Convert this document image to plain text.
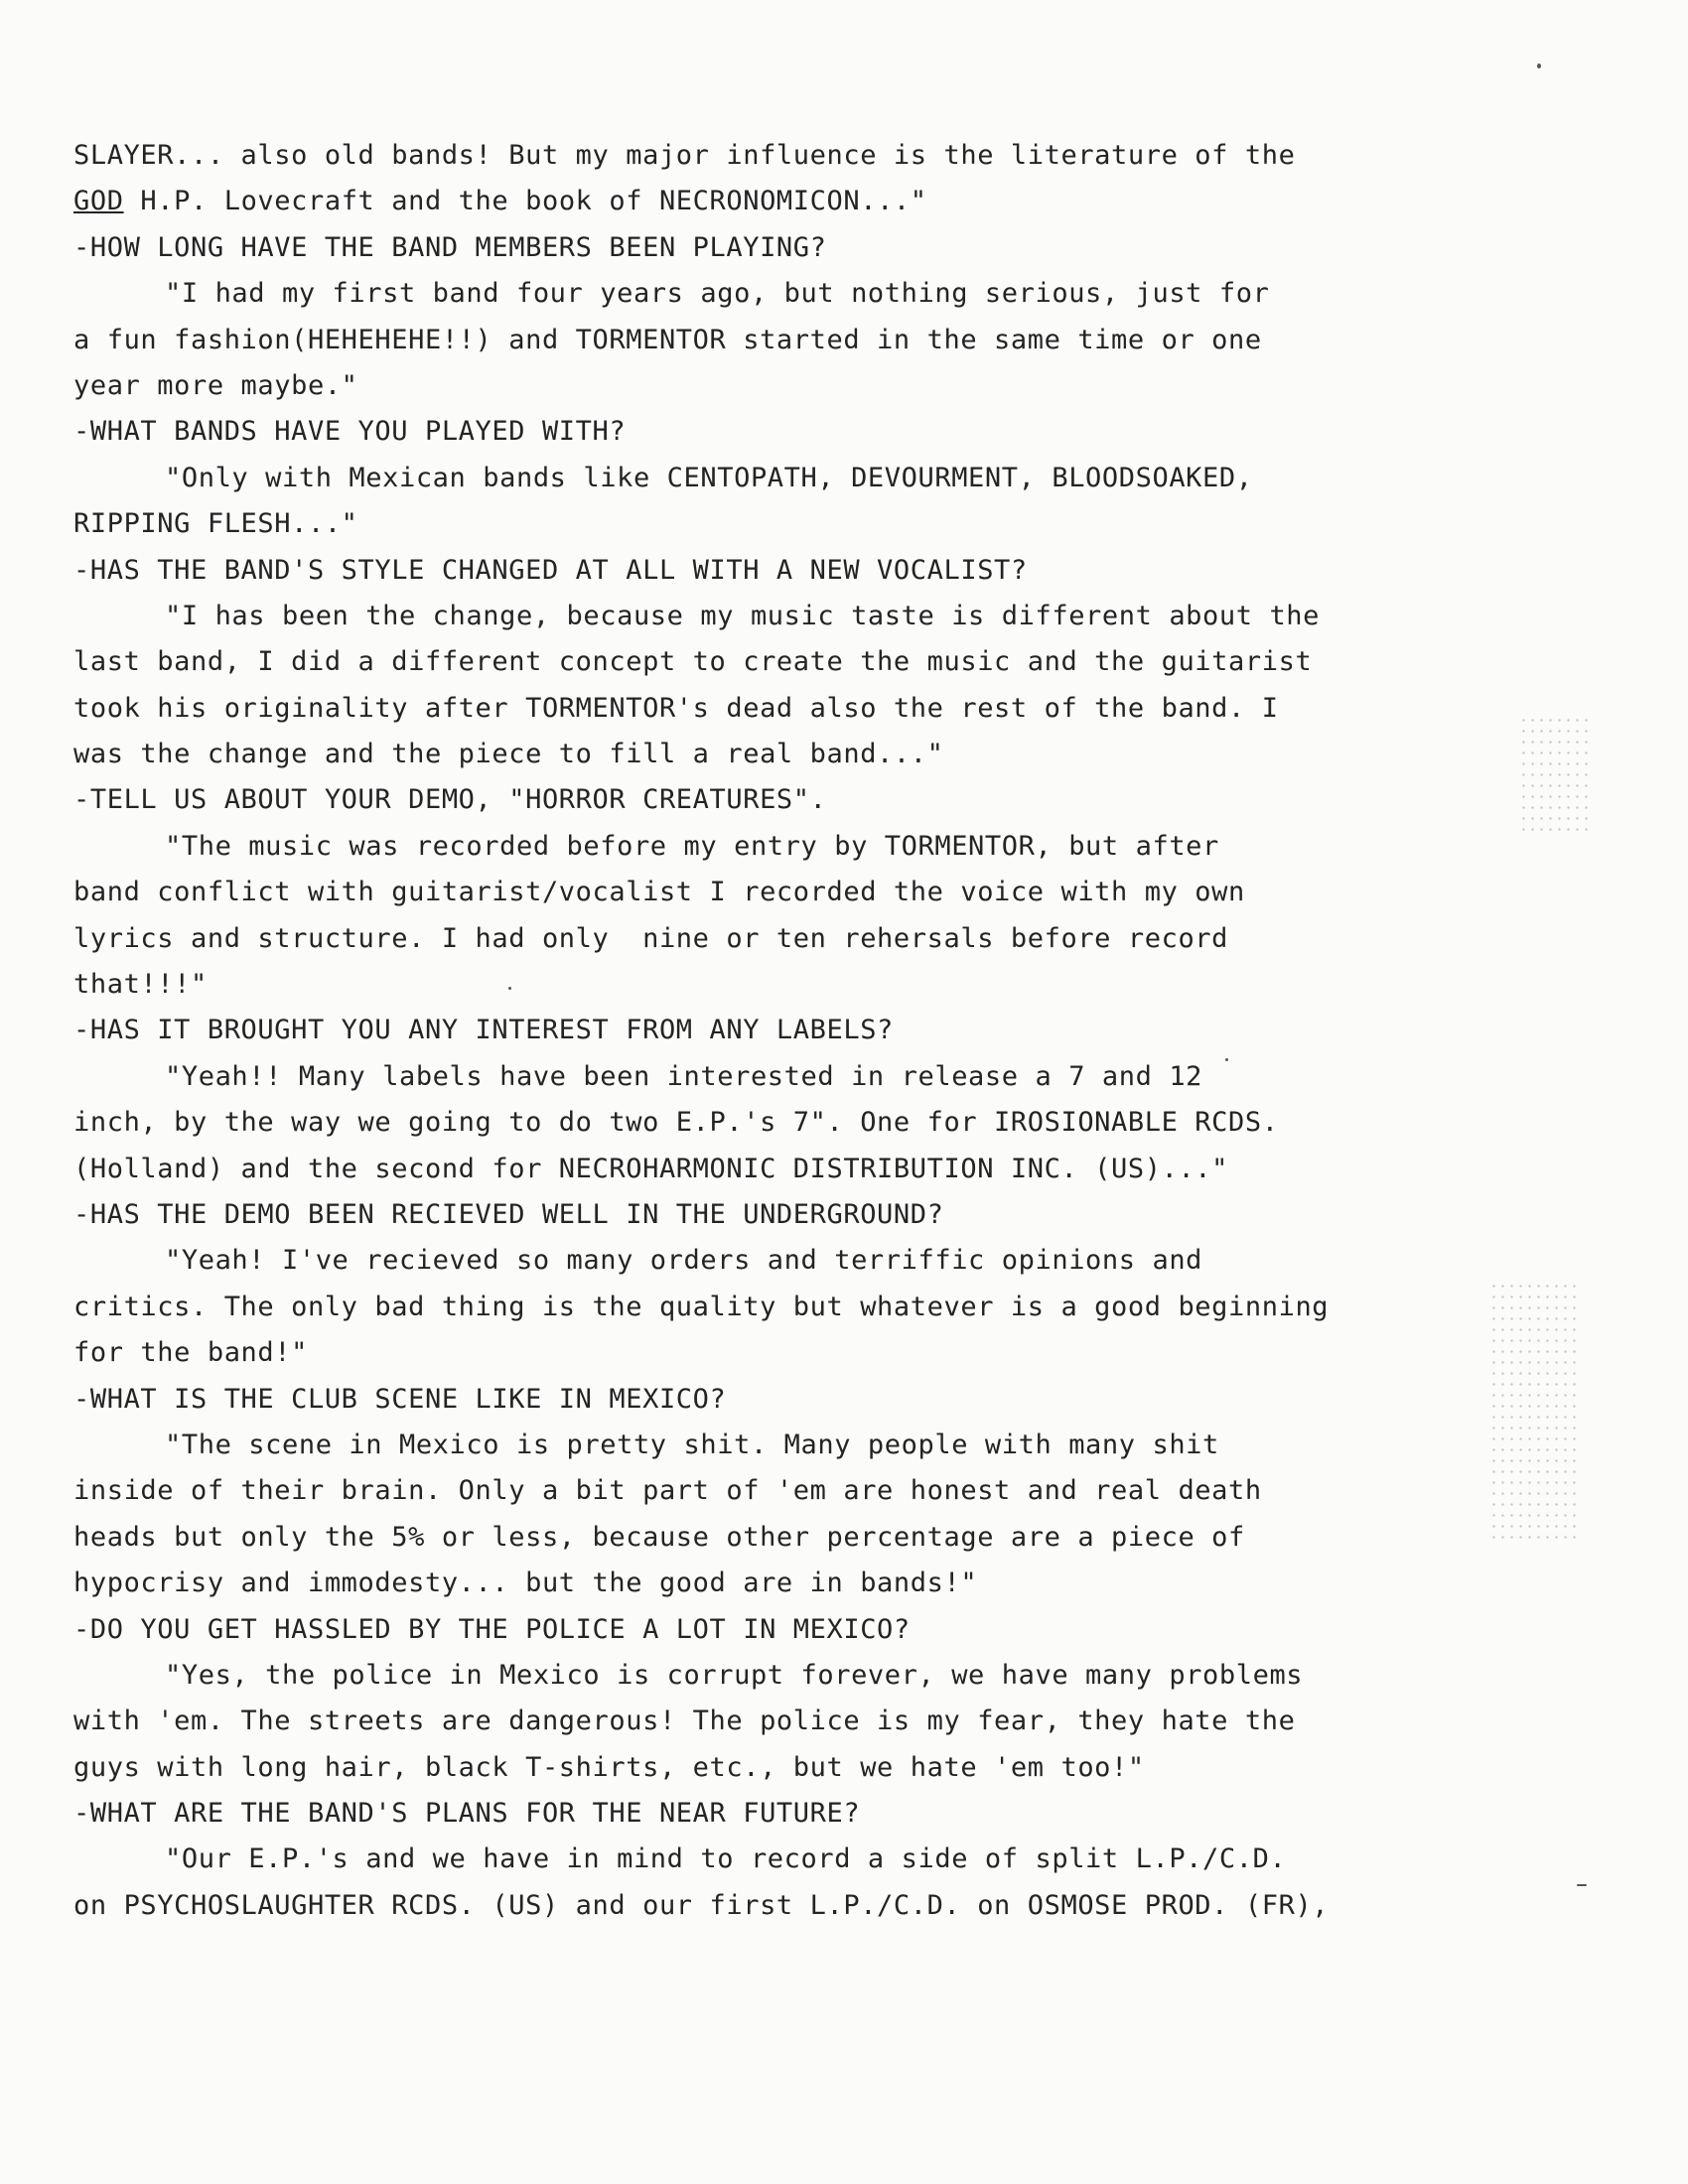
SLAYER... also old bands! But my major influence is the literature of the
GOD H.P. Lovecraft and the book of NECRONOMICON..."
-HOW LONG HAVE THE BAND MEMBERS BEEN PLAYING?
"I had my first band four years ago, but nothing serious, just for
a fun fashion(HEHEHEHE!!) and TORMENTOR started in the same time or one
year more maybe."
-WHAT BANDS HAVE YOU PLAYED WITH?
"Only with Mexican bands like CENTOPATH, DEVOURMENT, BLOODSOAKED,
RIPPING FLESH..."
-HAS THE BAND'S STYLE CHANGED AT ALL WITH A NEW VOCALIST?
"I has been the change, because my music taste is different about the
last band, I did a different concept to create the music and the guitarist
took his originality after TORMENTOR's dead also the rest of the band. I
was the change and the piece to fill a real band..."
-TELL US ABOUT YOUR DEMO, "HORROR CREATURES".
"The music was recorded before my entry by TORMENTOR, but after
band conflict with guitarist/vocalist I recorded the voice with my own
lyrics and structure. I had only  nine or ten rehersals before record
that!!!"
-HAS IT BROUGHT YOU ANY INTEREST FROM ANY LABELS?
"Yeah!! Many labels have been interested in release a 7 and 12
inch, by the way we going to do two E.P.'s 7". One for IROSIONABLE RCDS.
(Holland) and the second for NECROHARMONIC DISTRIBUTION INC. (US)..."
-HAS THE DEMO BEEN RECIEVED WELL IN THE UNDERGROUND?
"Yeah! I've recieved so many orders and terriffic opinions and
critics. The only bad thing is the quality but whatever is a good beginning
for the band!"
-WHAT IS THE CLUB SCENE LIKE IN MEXICO?
"The scene in Mexico is pretty shit. Many people with many shit
inside of their brain. Only a bit part of 'em are honest and real death
heads but only the 5% or less, because other percentage are a piece of
hypocrisy and immodesty... but the good are in bands!"
-DO YOU GET HASSLED BY THE POLICE A LOT IN MEXICO?
"Yes, the police in Mexico is corrupt forever, we have many problems
with 'em. The streets are dangerous! The police is my fear, they hate the
guys with long hair, black T-shirts, etc., but we hate 'em too!"
-WHAT ARE THE BAND'S PLANS FOR THE NEAR FUTURE?
"Our E.P.'s and we have in mind to record a side of split L.P./C.D.
on PSYCHOSLAUGHTER RCDS. (US) and our first L.P./C.D. on OSMOSE PROD. (FR),
